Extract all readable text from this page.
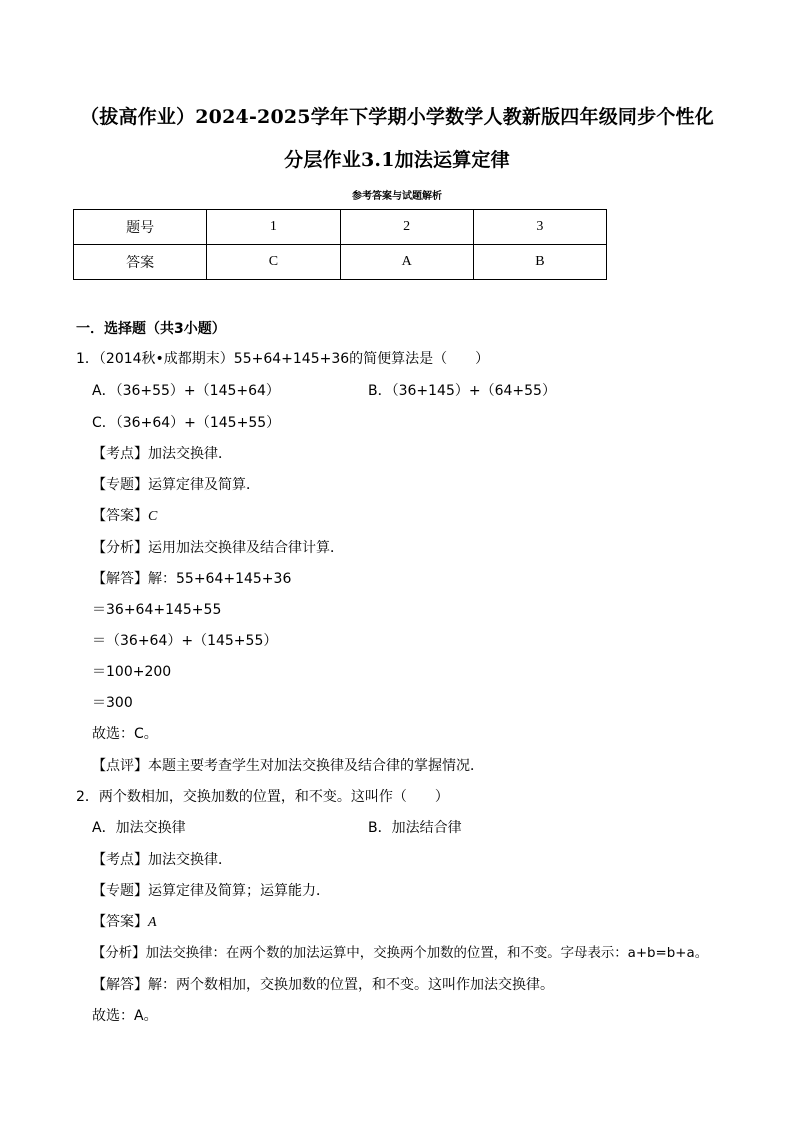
（拔高作业）2024-2025学年下学期小学数学人教新版四年级同步个性化
分层作业3.1加法运算定律
参考答案与试题解析
题号	1	2	3
答案	C	A	B
一．选择题（共3小题）
1．（2014秋•成都期末）55+64+145+36的简便算法是（　　）
A．（36+55）+（145+64）	B．（36+145）+（64+55）
C．（36+64）+（145+55）
【考点】加法交换律．
【专题】运算定律及简算．
【答案】C
【分析】运用加法交换律及结合律计算．
【解答】解：55+64+145+36
＝36+64+145+55
＝（36+64）+（145+55）
＝100+200
＝300
故选：C。
【点评】本题主要考查学生对加法交换律及结合律的掌握情况．
2．两个数相加，交换加数的位置，和不变。这叫作（　　）
A．加法交换律	B．加法结合律
【考点】加法交换律．
【专题】运算定律及简算；运算能力．
【答案】A
【分析】加法交换律：在两个数的加法运算中，交换两个加数的位置，和不变。字母表示：a+b=b+a。
【解答】解：两个数相加，交换加数的位置，和不变。这叫作加法交换律。
故选：A。
